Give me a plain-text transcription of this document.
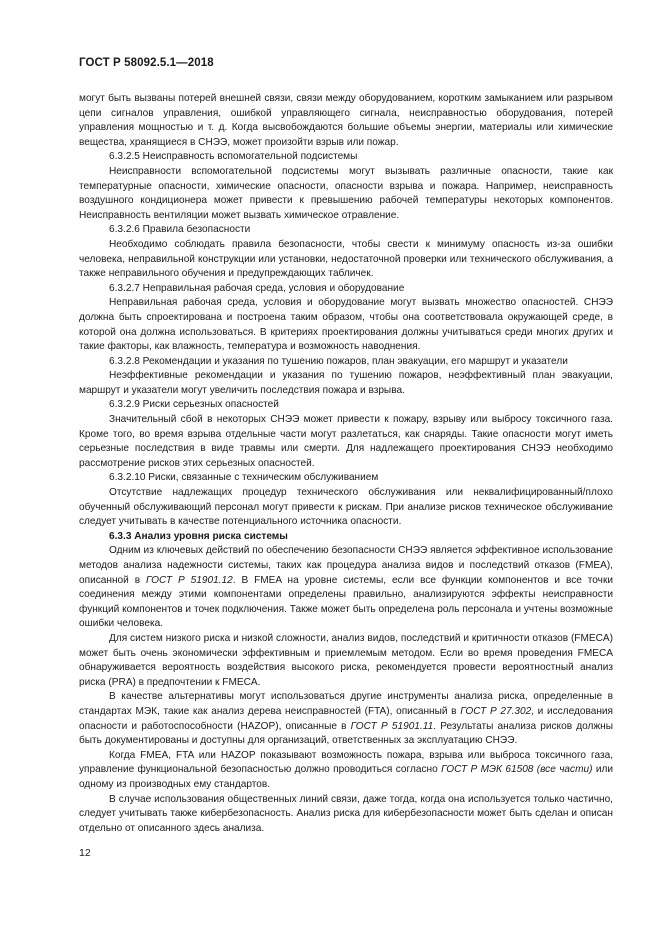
ГОСТ Р 58092.5.1—2018

могут быть вызваны потерей внешней связи, связи между оборудованием, коротким замыканием или разрывом цепи сигналов управления, ошибкой управляющего сигнала, неисправностью оборудования, потерей управления мощностью и т. д. Когда высвобождаются большие объемы энергии, материалы или химические вещества, хранящиеся в СНЭЭ, может произойти взрыв или пожар.

6.3.2.5 Неисправность вспомогательной подсистемы

Неисправности вспомогательной подсистемы могут вызывать различные опасности, такие как температурные опасности, химические опасности, опасности взрыва и пожара. Например, неисправность воздушного кондиционера может привести к превышению рабочей температуры некоторых компонентов. Неисправность вентиляции может вызвать химическое отравление.

6.3.2.6 Правила безопасности

Необходимо соблюдать правила безопасности, чтобы свести к минимуму опасность из-за ошибки человека, неправильной конструкции или установки, недостаточной проверки или технического обслуживания, а также неправильного обучения и предупреждающих табличек.

6.3.2.7 Неправильная рабочая среда, условия и оборудование

Неправильная рабочая среда, условия и оборудование могут вызвать множество опасностей. СНЭЭ должна быть спроектирована и построена таким образом, чтобы она соответствовала окружающей среде, в которой она должна использоваться. В критериях проектирования должны учитываться среди многих других и такие факторы, как влажность, температура и возможность наводнения.

6.3.2.8 Рекомендации и указания по тушению пожаров, план эвакуации, его маршрут и указатели

Неэффективные рекомендации и указания по тушению пожаров, неэффективный план эвакуации, маршрут и указатели могут увеличить последствия пожара и взрыва.

6.3.2.9 Риски серьезных опасностей

Значительный сбой в некоторых СНЭЭ может привести к пожару, взрыву или выбросу токсичного газа. Кроме того, во время взрыва отдельные части могут разлетаться, как снаряды. Такие опасности могут иметь серьезные последствия в виде травмы или смерти. Для надлежащего проектирования СНЭЭ необходимо рассмотрение рисков этих серьезных опасностей.

6.3.2.10 Риски, связанные с техническим обслуживанием

Отсутствие надлежащих процедур технического обслуживания или неквалифицированный/плохо обученный обслуживающий персонал могут привести к рискам. При анализе рисков техническое обслуживание следует учитывать в качестве потенциального источника опасности.

6.3.3 Анализ уровня риска системы

Одним из ключевых действий по обеспечению безопасности СНЭЭ является эффективное использование методов анализа надежности системы, таких как процедура анализа видов и последствий отказов (FMEA), описанной в ГОСТ Р 51901.12. В FMEA на уровне системы, если все функции компонентов и все точки соединения между этими компонентами определены правильно, анализируются эффекты неисправности функций компонентов и точек подключения. Также может быть определена роль персонала и учтены возможные ошибки человека.

Для систем низкого риска и низкой сложности, анализ видов, последствий и критичности отказов (FMECA) может быть очень экономически эффективным и приемлемым методом. Если во время проведения FMECA обнаруживается вероятность воздействия высокого риска, рекомендуется провести вероятностный анализ риска (PRA) в предпочтении к FMECA.

В качестве альтернативы могут использоваться другие инструменты анализа риска, определенные в стандартах МЭК, такие как анализ дерева неисправностей (FTA), описанный в ГОСТ Р 27.302, и исследования опасности и работоспособности (HAZOP), описанные в ГОСТ Р 51901.11. Результаты анализа рисков должны быть документированы и доступны для организаций, ответственных за эксплуатацию СНЭЭ.

Когда FMEA, FTA или HAZOP показывают возможность пожара, взрыва или выброса токсичного газа, управление функциональной безопасностью должно проводиться согласно ГОСТ Р МЭК 61508 (все части) или одному из производных ему стандартов.

В случае использования общественных линий связи, даже тогда, когда она используется только частично, следует учитывать также кибербезопасность. Анализ риска для кибербезопасности может быть сделан и описан отдельно от описанного здесь анализа.

12
